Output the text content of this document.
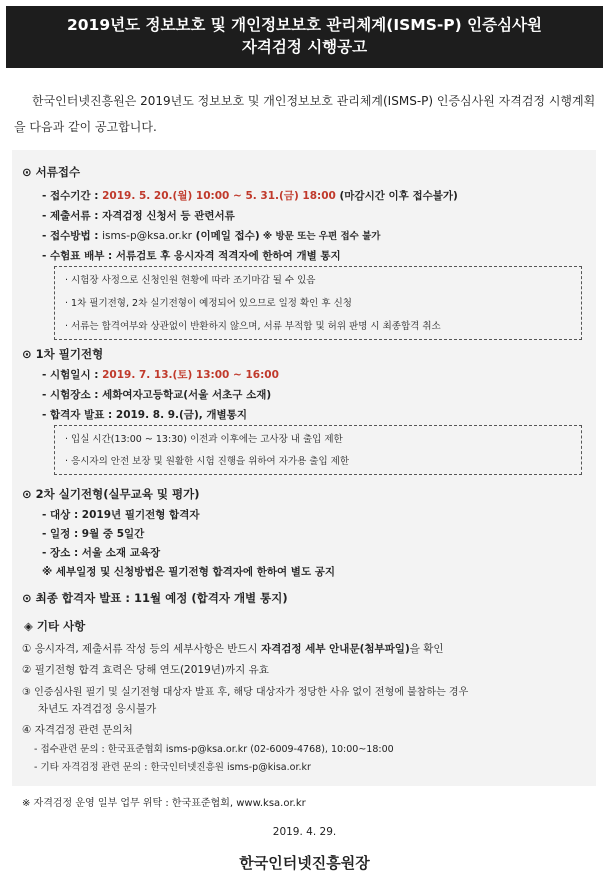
2019년도 정보보호 및 개인정보보호 관리체계(ISMS-P) 인증심사원
자격검정 시행공고
한국인터넷진흥원은 2019년도 정보보호 및 개인정보보호 관리체계(ISMS-P) 인증심사원 자격검정 시행계획을 다음과 같이 공고합니다.
⊙ 서류접수
- 접수기간 : 2019. 5. 20.(월) 10:00 ~ 5. 31.(금) 18:00 (마감시간 이후 접수불가)
- 제출서류 : 자격검정 신청서 등 관련서류
- 접수방법 : isms-p@ksa.or.kr (이메일 접수) ※ 방문 또는 우편 접수 불가
- 수험표 배부 : 서류검토 후 응시자격 적격자에 한하여 개별 통지
· 시험장 사정으로 신청인원 현황에 따라 조기마감 될 수 있음
· 1차 필기전형, 2차 실기전형이 예정되어 있으므로 일정 확인 후 신청
· 서류는 합격여부와 상관없이 반환하지 않으며, 서류 부적합 및 허위 판명 시 최종합격 취소
⊙ 1차 필기전형
- 시험일시 : 2019. 7. 13.(토) 13:00 ~ 16:00
- 시험장소 : 세화여자고등학교(서울 서초구 소재)
- 합격자 발표 : 2019. 8. 9.(금), 개별통지
· 입실 시간(13:00 ~ 13:30) 이전과 이후에는 고사장 내 출입 제한
· 응시자의 안전 보장 및 원활한 시험 진행을 위하여 자가용 출입 제한
⊙ 2차 실기전형(실무교육 및 평가)
- 대상 : 2019년 필기전형 합격자
- 일정 : 9월 중 5일간
- 장소 : 서울 소재 교육장
※ 세부일정 및 신청방법은 필기전형 합격자에 한하여 별도 공지
⊙ 최종 합격자 발표 : 11월 예정 (합격자 개별 통지)
◈ 기타 사항
① 응시자격, 제출서류 작성 등의 세부사항은 반드시 자격검정 세부 안내문(첨부파일)을 확인
② 필기전형 합격 효력은 당해 연도(2019년)까지 유효
③ 인증심사원 필기 및 실기전형 대상자 발표 후, 해당 대상자가 정당한 사유 없이 전형에 불참하는 경우
차년도 자격검정 응시불가
④ 자격검정 관련 문의처
- 접수관련 문의 : 한국표준협회 isms-p@ksa.or.kr (02-6009-4768), 10:00~18:00
- 기타 자격검정 관련 문의 : 한국인터넷진흥원 isms-p@kisa.or.kr
※ 자격검정 운영 일부 업무 위탁 : 한국표준협회, www.ksa.or.kr
2019. 4. 29.
한국인터넷진흥원장
